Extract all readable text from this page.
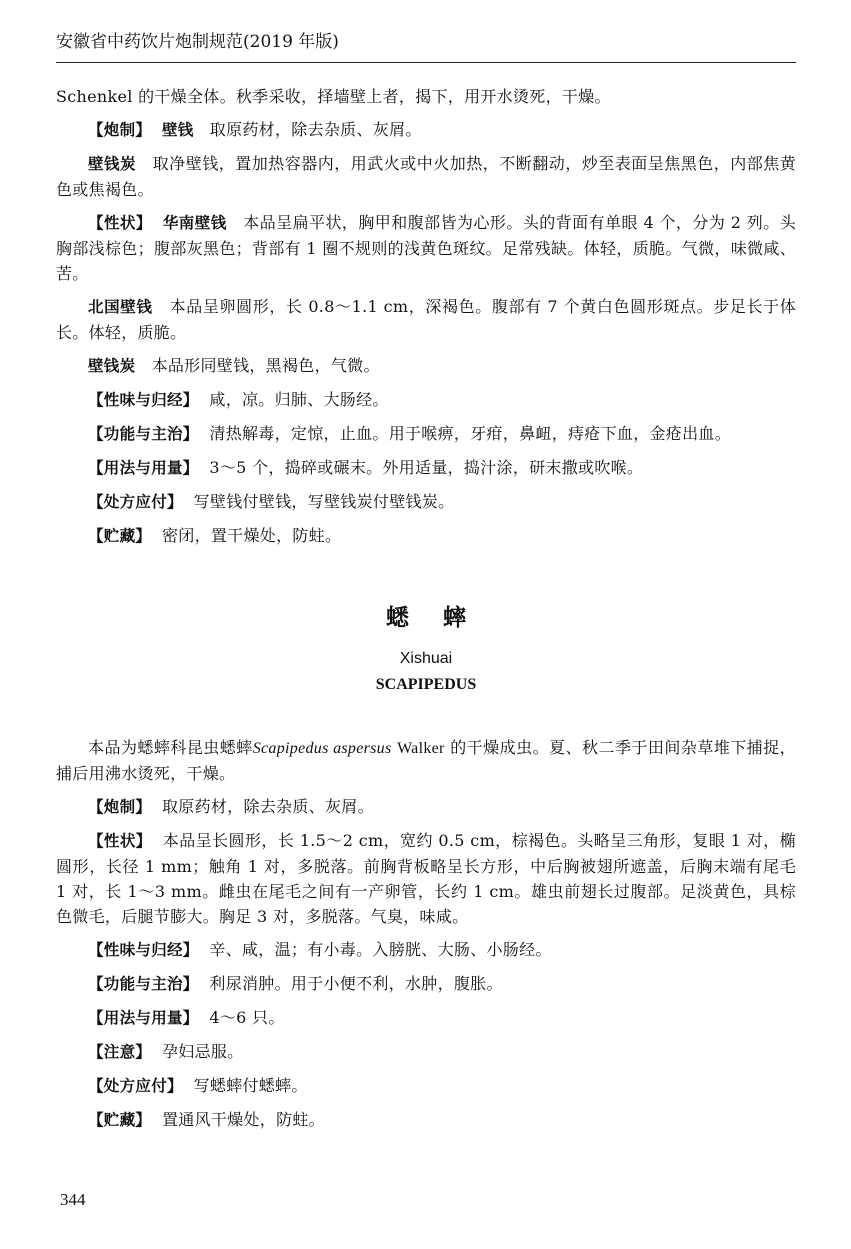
安徽省中药饮片炮制规范(2019 年版)

Schenkel 的干燥全体。秋季采收，择墙壁上者，揭下，用开水烫死，干燥。

【炮制】 壁钱 取原药材，除去杂质、灰屑。

壁钱炭 取净壁钱，置加热容器内，用武火或中火加热，不断翻动，炒至表面呈焦黑色，内部焦黄色或焦褐色。

【性状】 华南壁钱 本品呈扁平状，胸甲和腹部皆为心形。头的背面有单眼 4 个，分为 2 列。头胸部浅棕色；腹部灰黑色；背部有 1 圈不规则的浅黄色斑纹。足常残缺。体轻，质脆。气微，味微咸、苦。

北国壁钱 本品呈卵圆形，长 0.8～1.1 cm，深褐色。腹部有 7 个黄白色圆形斑点。步足长于体长。体轻，质脆。

壁钱炭 本品形同壁钱，黑褐色，气微。

【性味与归经】 咸，凉。归肺、大肠经。

【功能与主治】 清热解毒，定惊，止血。用于喉痹，牙疳，鼻衄，痔疮下血，金疮出血。

【用法与用量】 3～5 个，捣碎或碾末。外用适量，捣汁涂，研末撒或吹喉。

【处方应付】 写壁钱付壁钱，写壁钱炭付壁钱炭。

【贮藏】 密闭，置干燥处，防蛀。

蟋蟀
Xishuai
SCAPIPEDUS

本品为蟋蟀科昆虫蟋蟀Scapipedus aspersus Walker 的干燥成虫。夏、秋二季于田间杂草堆下捕捉，捕后用沸水烫死，干燥。

【炮制】 取原药材，除去杂质、灰屑。

【性状】 本品呈长圆形，长 1.5～2 cm，宽约 0.5 cm，棕褐色。头略呈三角形，复眼 1 对，椭圆形，长径 1 mm；触角 1 对，多脱落。前胸背板略呈长方形，中后胸被翅所遮盖，后胸末端有尾毛 1 对，长 1～3 mm。雌虫在尾毛之间有一产卵管，长约 1 cm。雄虫前翅长过腹部。足淡黄色，具棕色微毛，后腿节膨大。胸足 3 对，多脱落。气臭，味咸。

【性味与归经】 辛、咸，温；有小毒。入膀胱、大肠、小肠经。

【功能与主治】 利尿消肿。用于小便不利，水肿，腹胀。

【用法与用量】 4～6 只。

【注意】 孕妇忌服。

【处方应付】 写蟋蟀付蟋蟀。

【贮藏】 置通风干燥处，防蛀。

344
